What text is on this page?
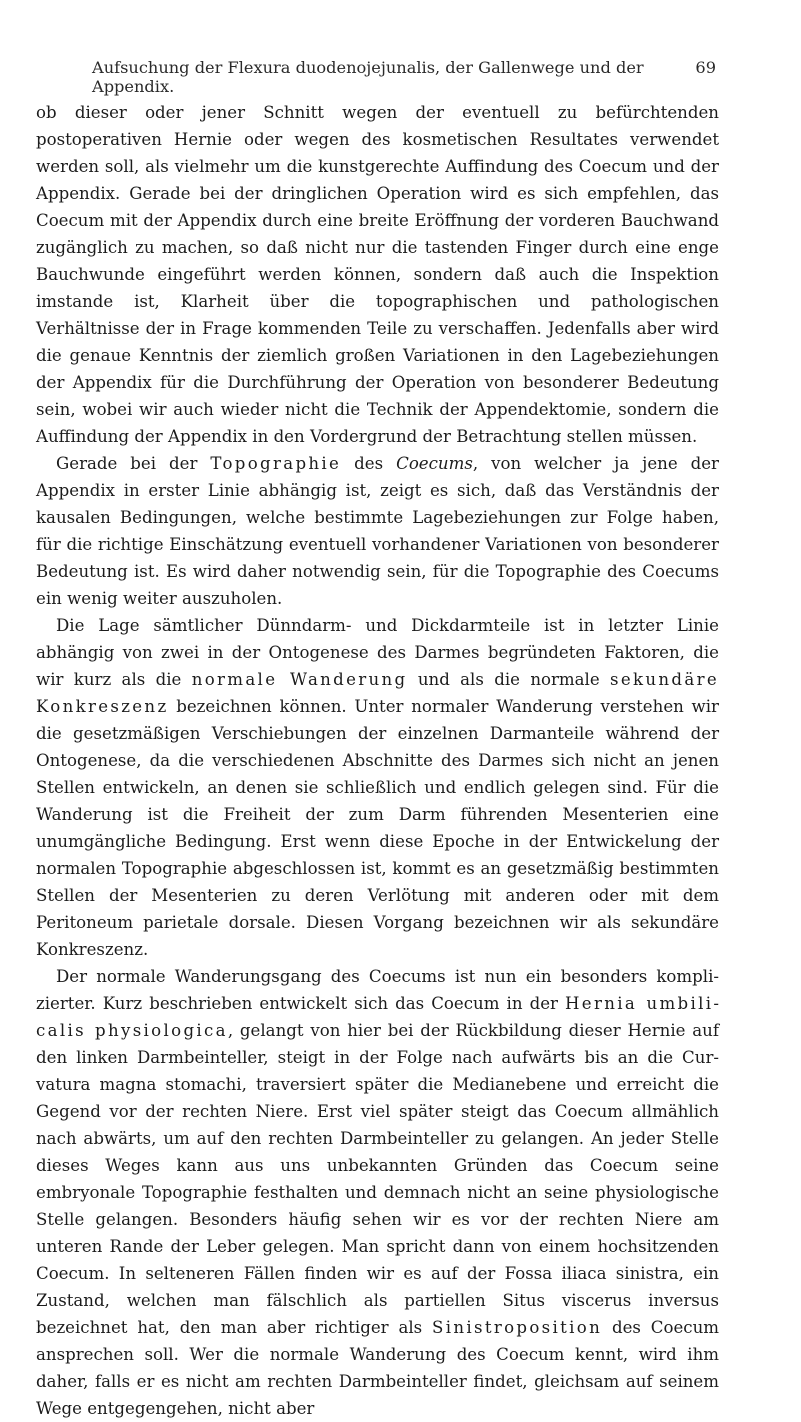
Aufsuchung der Flexura duodenojejunalis, der Gallenwege und der Appendix.
69

ob dieser oder jener Schnitt wegen der eventuell zu befürchtenden postoperativen Hernie oder wegen des kosmetischen Resultates verwendet werden soll, als vielmehr um die kunstgerechte Auffindung des Coecum und der Appendix. Gerade bei der dringlichen Operation wird es sich empfehlen, das Coecum mit der Appendix durch eine breite Eröffnung der vorderen Bauchwand zugänglich zu machen, so daß nicht nur die tastenden Finger durch eine enge Bauchwunde eingeführt werden können, sondern daß auch die Inspektion imstande ist, Klarheit über die topographischen und pathologischen Verhältnisse der in Frage kommenden Teile zu verschaffen. Jedenfalls aber wird die genaue Kenntnis der ziemlich großen Variationen in den Lagebeziehungen der Appendix für die Durchführung der Operation von besonderer Bedeutung sein, wobei wir auch wieder nicht die Technik der Appendektomie, sondern die Auffindung der Appendix in den Vordergrund der Betrachtung stellen müssen.

Gerade bei der Topographie des Coecums, von welcher ja jene der Appendix in erster Linie abhängig ist, zeigt es sich, daß das Verständnis der kausalen Bedingungen, welche bestimmte Lagebeziehungen zur Folge haben, für die richtige Einschätzung eventuell vorhandener Variationen von besonderer Bedeutung ist. Es wird daher notwendig sein, für die Topographie des Coecums ein wenig weiter auszuholen.

Die Lage sämtlicher Dünndarm- und Dickdarmteile ist in letzter Linie abhängig von zwei in der Ontogenese des Darmes begründeten Faktoren, die wir kurz als die normale Wanderung und als die normale sekundäre Konkreszenz bezeichnen können. Unter normaler Wanderung verstehen wir die gesetzmäßigen Verschiebungen der einzelnen Darmanteile während der Ontogenese, da die verschiedenen Abschnitte des Darmes sich nicht an jenen Stellen entwickeln, an denen sie schließlich und endlich gelegen sind. Für die Wanderung ist die Freiheit der zum Darm führenden Mesenterien eine unumgängliche Bedingung. Erst wenn diese Epoche in der Entwickelung der normalen Topographie abgeschlossen ist, kommt es an gesetzmäßig bestimmten Stellen der Mesenterien zu deren Verlötung mit anderen oder mit dem Peritoneum parietale dorsale. Diesen Vorgang bezeichnen wir als sekundäre Konkreszenz.

Der normale Wanderungsgang des Coecums ist nun ein besonders komplizierter. Kurz beschrieben entwickelt sich das Coecum in der Hernia umbilicalis physiologica, gelangt von hier bei der Rückbildung dieser Hernie auf den linken Darmbeinteller, steigt in der Folge nach aufwärts bis an die Curvatura magna stomachi, traversiert später die Medianebene und erreicht die Gegend vor der rechten Niere. Erst viel später steigt das Coecum allmählich nach abwärts, um auf den rechten Darmbeinteller zu gelangen. An jeder Stelle dieses Weges kann aus uns unbekannten Gründen das Coecum seine embryonale Topographie festhalten und demnach nicht an seine physiologische Stelle gelangen. Besonders häufig sehen wir es vor der rechten Niere am unteren Rande der Leber gelegen. Man spricht dann von einem hochsitzenden Coecum. In selteneren Fällen finden wir es auf der Fossa iliaca sinistra, ein Zustand, welchen man fälschlich als partiellen Situs viscerus inversus bezeichnet hat, den man aber richtiger als Sinistroposition des Coecum ansprechen soll. Wer die normale Wanderung des Coecum kennt, wird ihm daher, falls er es nicht am rechten Darmbeinteller findet, gleichsam auf seinem Wege entgegengehen, nicht aber
